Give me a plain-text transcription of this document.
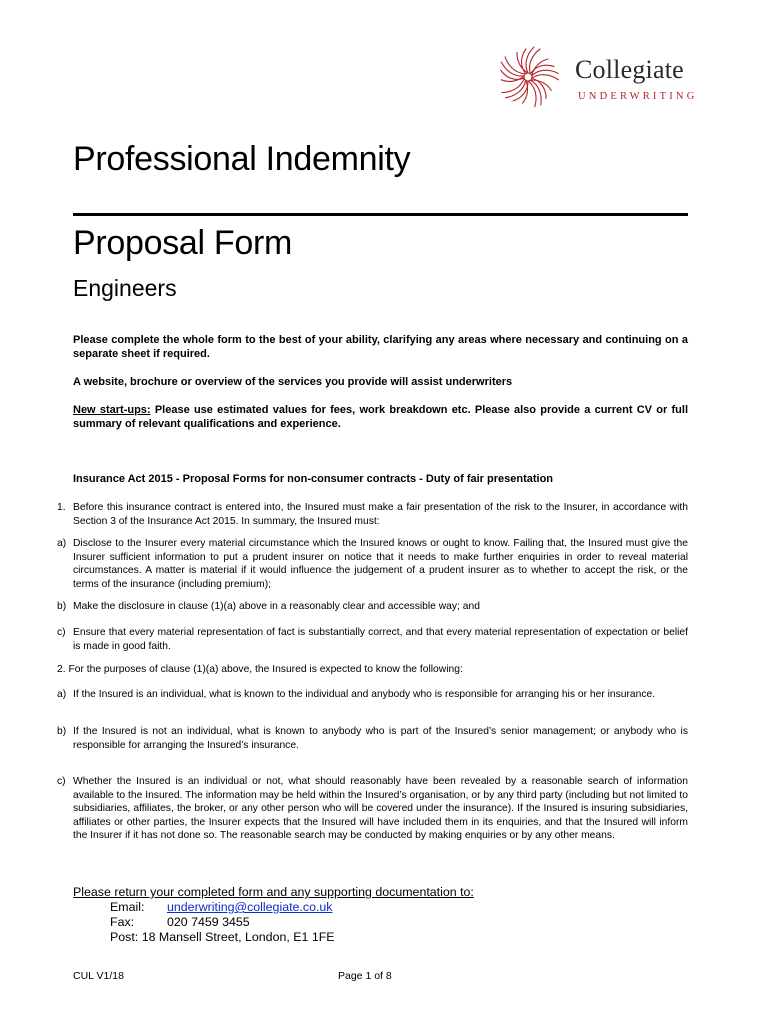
Collegiate
UNDERWRITING
Professional Indemnity
Proposal Form
Engineers
Please complete the whole form to the best of your ability, clarifying any areas where necessary and continuing on a separate sheet if required.
A website, brochure or overview of the services you provide will assist underwriters
New start-ups: Please use estimated values for fees, work breakdown etc. Please also provide a current CV or full summary of relevant qualifications and experience.
Insurance Act 2015 - Proposal Forms for non-consumer contracts - Duty of fair presentation
1. Before this insurance contract is entered into, the Insured must make a fair presentation of the risk to the Insurer, in accordance with Section 3 of the Insurance Act 2015. In summary, the Insured must:
a) Disclose to the Insurer every material circumstance which the Insured knows or ought to know. Failing that, the Insured must give the Insurer sufficient information to put a prudent insurer on notice that it needs to make further enquiries in order to reveal material circumstances. A matter is material if it would influence the judgement of a prudent insurer as to whether to accept the risk, or the terms of the insurance (including premium);
b) Make the disclosure in clause (1)(a) above in a reasonably clear and accessible way; and
c) Ensure that every material representation of fact is substantially correct, and that every material representation of expectation or belief is made in good faith.
2. For the purposes of clause (1)(a) above, the Insured is expected to know the following:
a) If the Insured is an individual, what is known to the individual and anybody who is responsible for arranging his or her insurance.
b) If the Insured is not an individual, what is known to anybody who is part of the Insured’s senior management; or anybody who is responsible for arranging the Insured’s insurance.
c) Whether the Insured is an individual or not, what should reasonably have been revealed by a reasonable search of information available to the Insured. The information may be held within the Insured’s organisation, or by any third party (including but not limited to subsidiaries, affiliates, the broker, or any other person who will be covered under the insurance). If the Insured is insuring subsidiaries, affiliates or other parties, the Insurer expects that the Insured will have included them in its enquiries, and that the Insured will inform the Insurer if it has not done so. The reasonable search may be conducted by making enquiries or by any other means.
Please return your completed form and any supporting documentation to:
Email: underwriting@collegiate.co.uk
Fax:	020 7459 3455
Post: 18 Mansell Street, London, E1 1FE
CUL V1/18	Page 1 of 8
